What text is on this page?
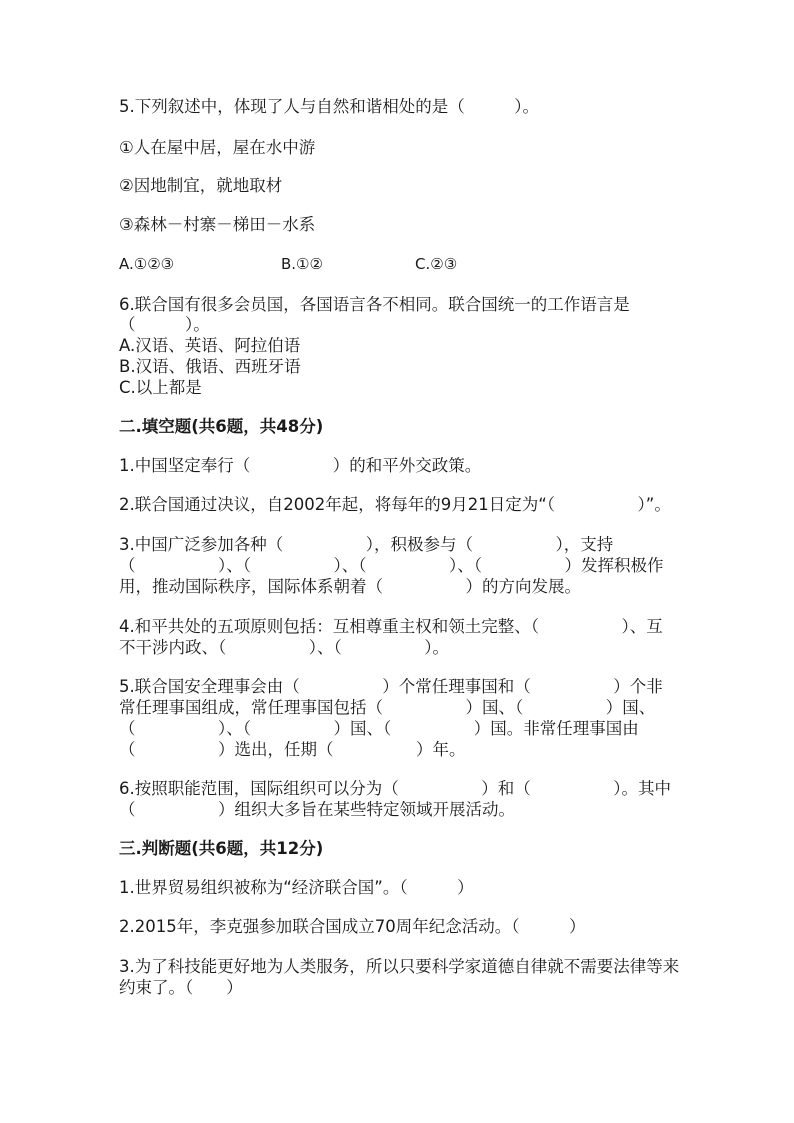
5.下列叙述中，体现了人与自然和谐相处的是（　　　）。
①人在屋中居，屋在水中游
②因地制宜，就地取材
③森林－村寨－梯田－水系

A.①②③

	B.①②

	C.②③

6.联合国有很多会员国，各国语言各不相同。联合国统一的工作语言是
（　　　）。
A.汉语、英语、阿拉伯语
B.汉语、俄语、西班牙语
C.以上都是
二.填空题(共6题，共48分)
1.中国坚定奉行（　　　　　）的和平外交政策。
2.联合国通过决议，自2002年起，将每年的9月21日定为“（　　　　　）”。
3.中国广泛参加各种（　　　　　），积极参与（　　　　　），支持
（　　　　　）、（　　　　　）、（　　　　　）、（　　　　　）发挥积极作
用，推动国际秩序，国际体系朝着（　　　　　）的方向发展。
4.和平共处的五项原则包括：互相尊重主权和领土完整、（　　　　　）、互
不干涉内政、（　　　　　）、（　　　　　）。
5.联合国安全理事会由（　　　　　）个常任理事国和（　　　　　）个非
常任理事国组成，常任理事国包括（　　　　　）国、（　　　　　）国、
（　　　　　）、（　　　　　）国、（　　　　　）国。非常任理事国由
（　　　　　）选出，任期（　　　　　）年。
6.按照职能范围，国际组织可以分为（　　　　　）和（　　　　　）。其中
（　　　　　）组织大多旨在某些特定领域开展活动。
三.判断题(共6题，共12分)
1.世界贸易组织被称为“经济联合国”。（　　　）
2.2015年，李克强参加联合国成立70周年纪念活动。（　　　）
3.为了科技能更好地为人类服务，所以只要科学家道德自律就不需要法律等来
约束了。（　　）
